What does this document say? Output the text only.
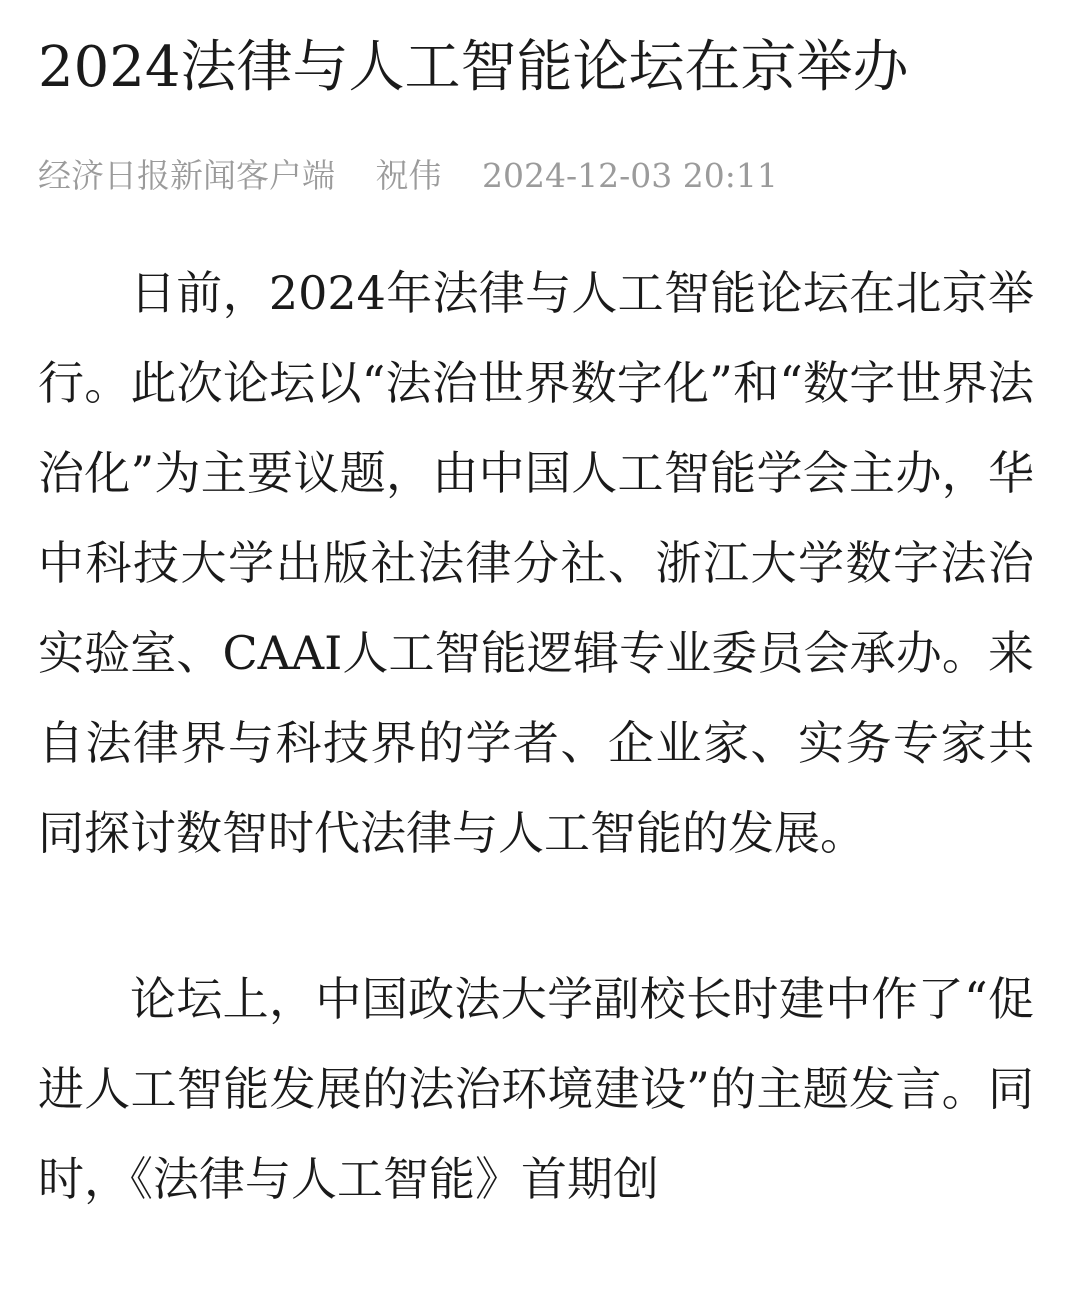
2024法律与人工智能论坛在京举办
经济日报新闻客户端 祝伟 2024-12-03 20:11

日前，2024年法律与人工智能论坛在北京举行。此次论坛以“法治世界数字化”和“数字世界法治化”为主要议题，由中国人工智能学会主办，华中科技大学出版社法律分社、浙江大学数字法治实验室、CAAI人工智能逻辑专业委员会承办。来自法律界与科技界的学者、企业家、实务专家共同探讨数智时代法律与人工智能的发展。

论坛上，中国政法大学副校长时建中作了“促进人工智能发展的法治环境建设”的主题发言。同时，《法律与人工智能》首期创
